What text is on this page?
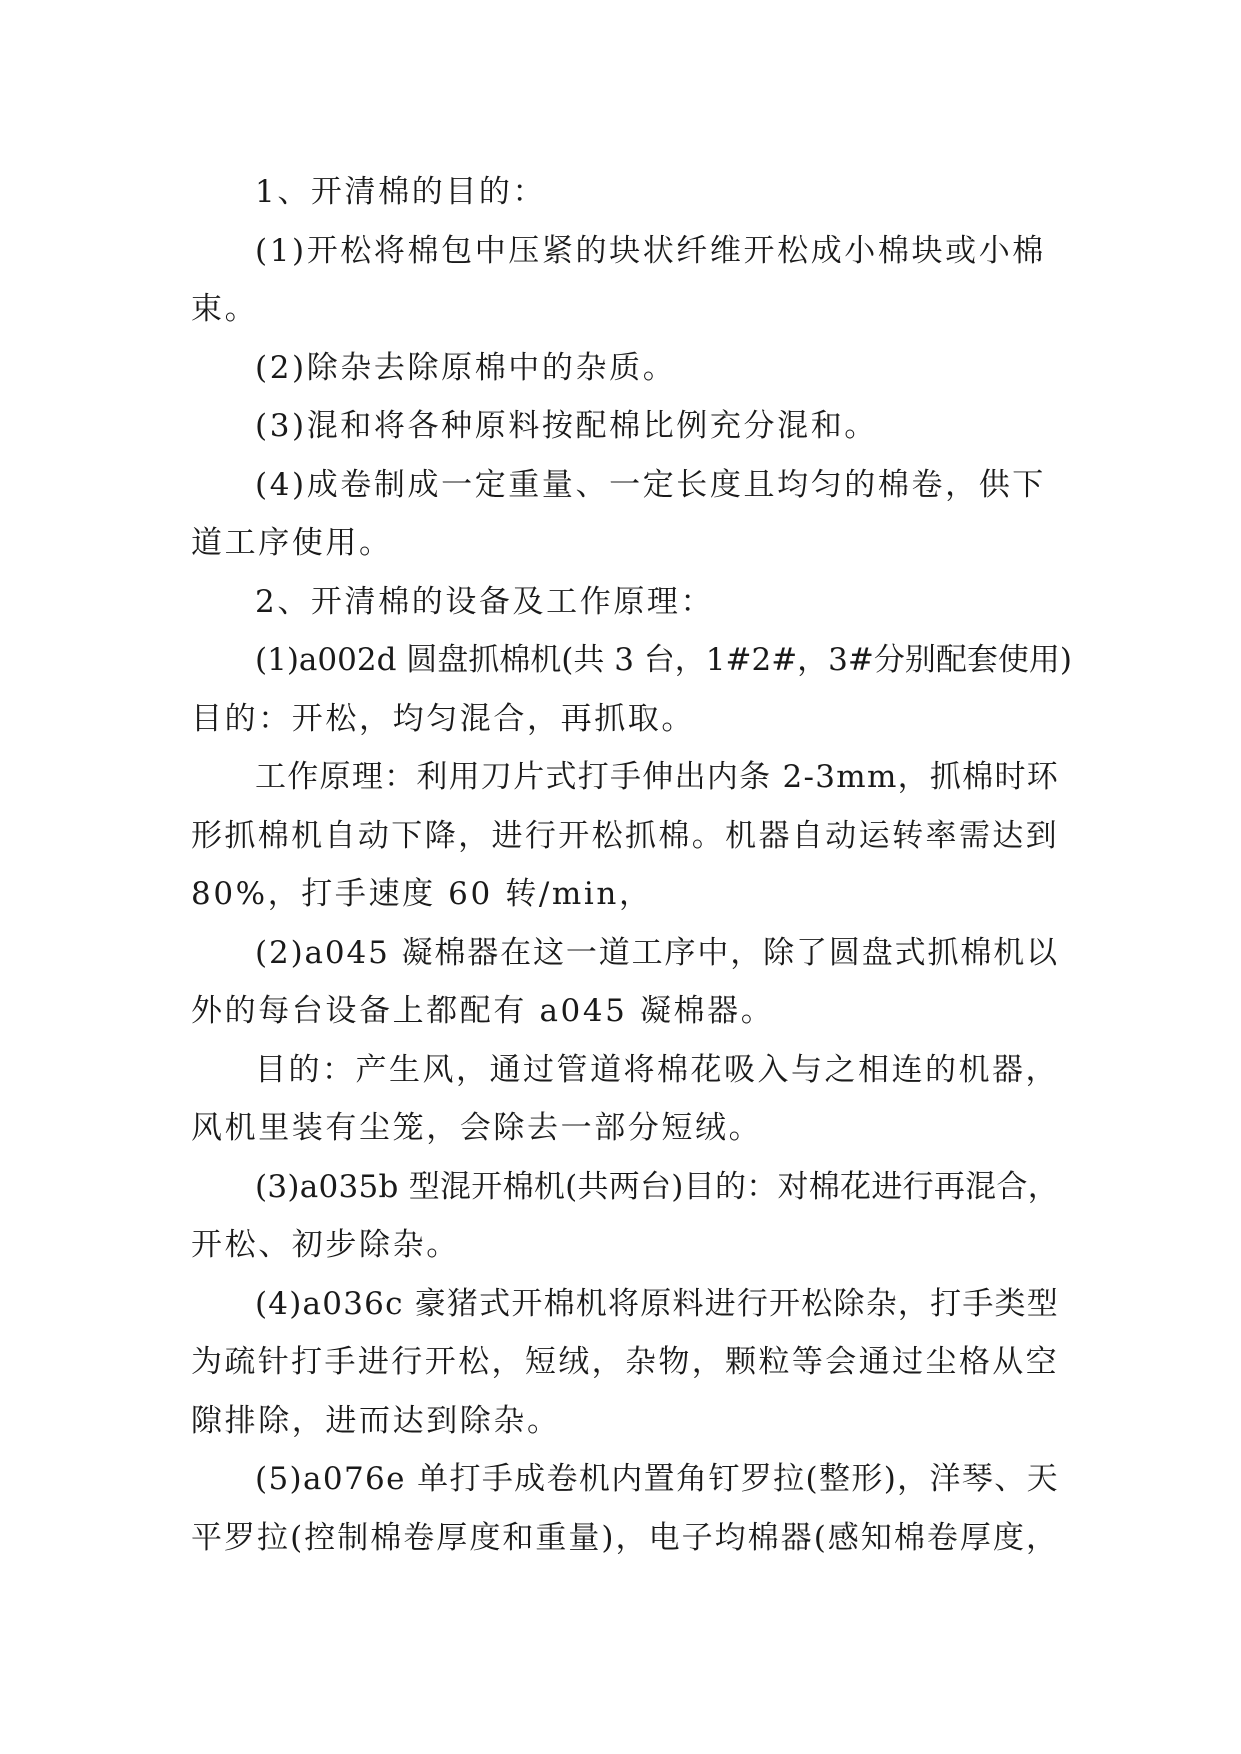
1、开清棉的目的：

(1)开松将棉包中压紧的块状纤维开松成小棉块或小棉

束。

(2)除杂去除原棉中的杂质。

(3)混和将各种原料按配棉比例充分混和。

(4)成卷制成一定重量、一定长度且均匀的棉卷，供下

道工序使用。

2、开清棉的设备及工作原理：

(1)a002d 圆盘抓棉机(共 3 台，1#2#，3#分别配套使用)

目的：开松，均匀混合，再抓取。

工作原理：利用刀片式打手伸出内条 2-3mm，抓棉时环

形抓棉机自动下降，进行开松抓棉。机器自动运转率需达到

80%，打手速度 60 转/min，

(2)a045 凝棉器在这一道工序中，除了圆盘式抓棉机以

外的每台设备上都配有 a045 凝棉器。

目的：产生风，通过管道将棉花吸入与之相连的机器，

风机里装有尘笼，会除去一部分短绒。

(3)a035b 型混开棉机(共两台)目的：对棉花进行再混合，

开松、初步除杂。

(4)a036c 豪猪式开棉机将原料进行开松除杂，打手类型

为疏针打手进行开松，短绒，杂物，颗粒等会通过尘格从空

隙排除，进而达到除杂。

(5)a076e 单打手成卷机内置角钉罗拉(整形)，洋琴、天

平罗拉(控制棉卷厚度和重量)，电子均棉器(感知棉卷厚度，
